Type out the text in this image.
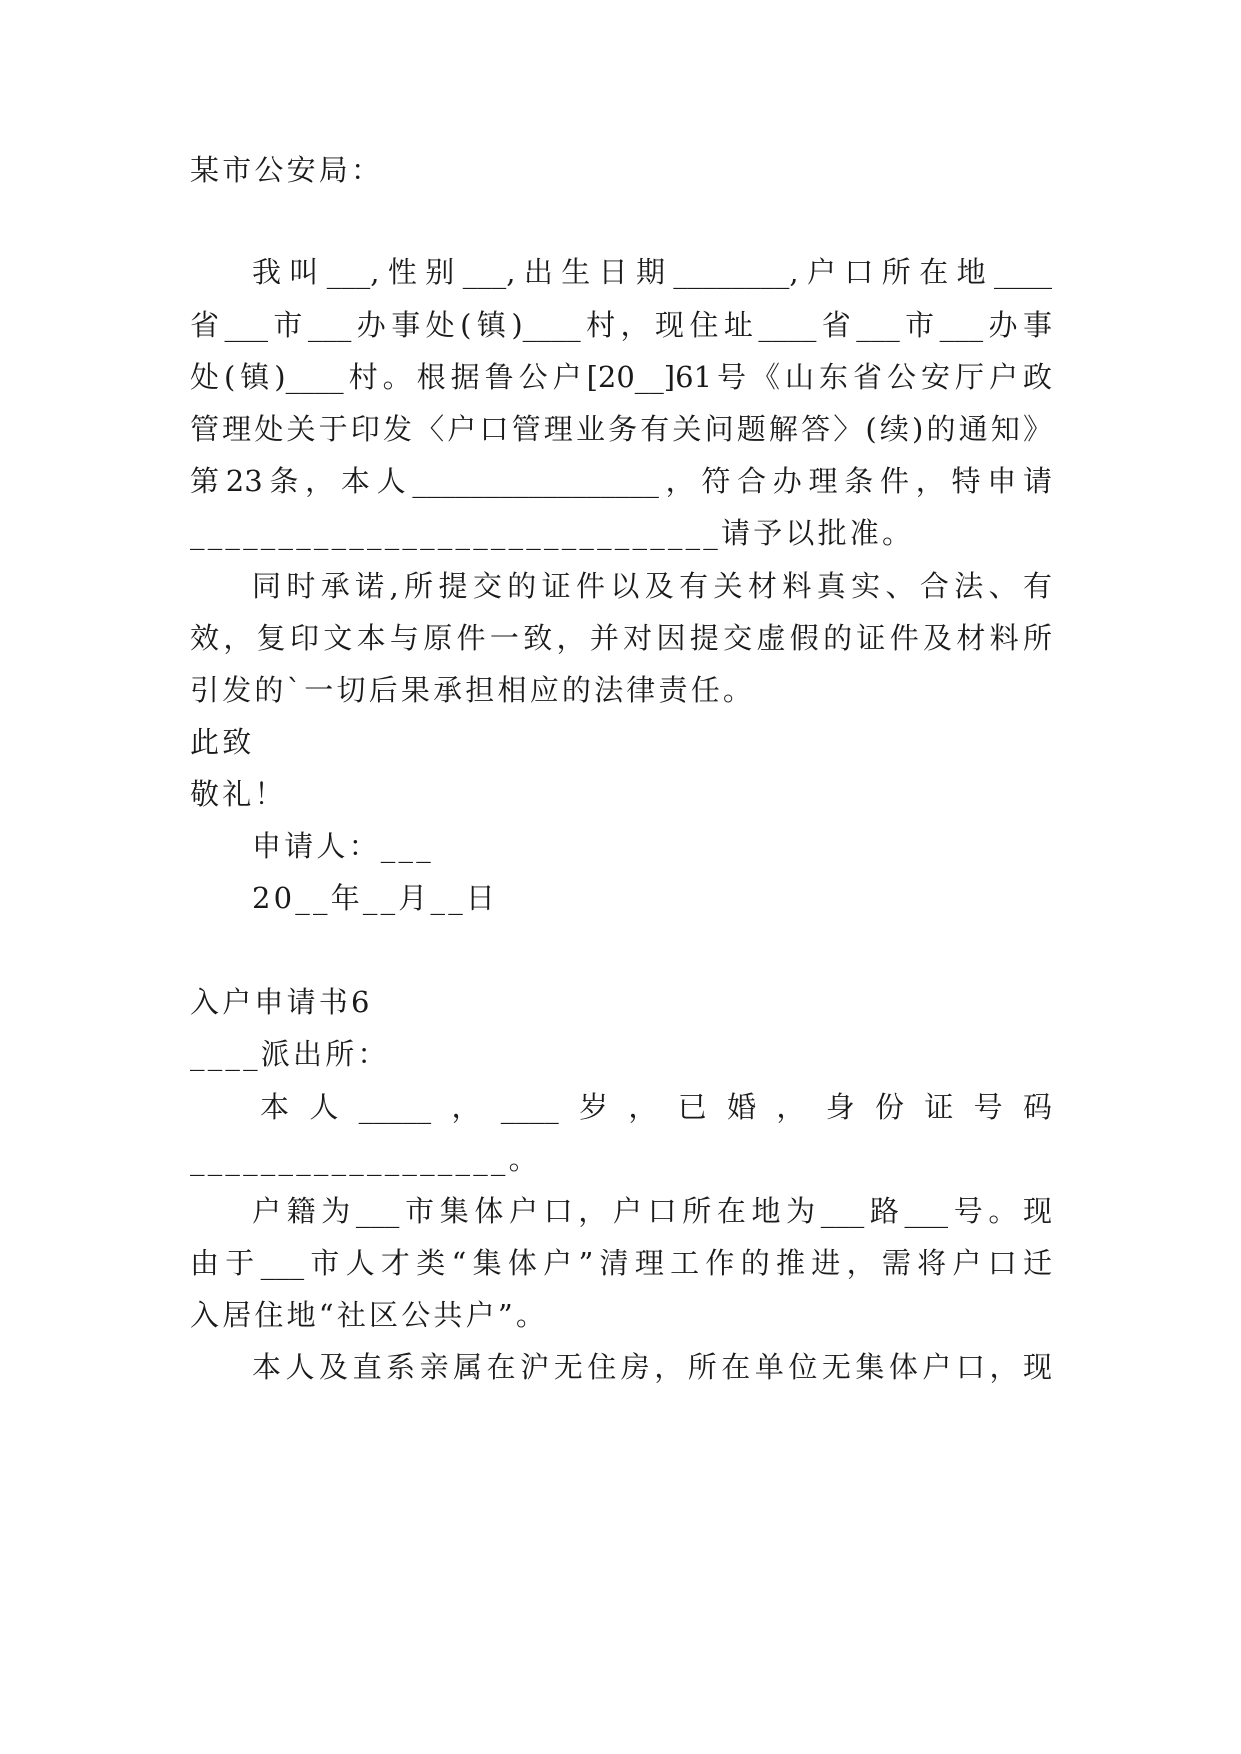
某市公安局：
我叫___,性别___,出生日期________,户口所在地____
省___市___办事处(镇)____村，现住址____省___市___办事
处(镇)____村。根据鲁公户[20__]61号《山东省公安厅户政
管理处关于印发〈户口管理业务有关问题解答〉(续)的通知》
第23条，本人_________________，符合办理条件，特申请
______________________________请予以批准。
同时承诺,所提交的证件以及有关材料真实、合法、有
效，复印文本与原件一致，并对因提交虚假的证件及材料所
引发的`一切后果承担相应的法律责任。
此致
敬礼！
申请人：___
20__年__月__日
入户申请书6
____派出所：
本人_____，____岁，已婚，身份证号码
__________________。
户籍为___市集体户口，户口所在地为___路___号。现
由于___市人才类“集体户”清理工作的推进，需将户口迁
入居住地“社区公共户”。
本人及直系亲属在沪无住房，所在单位无集体户口，现
